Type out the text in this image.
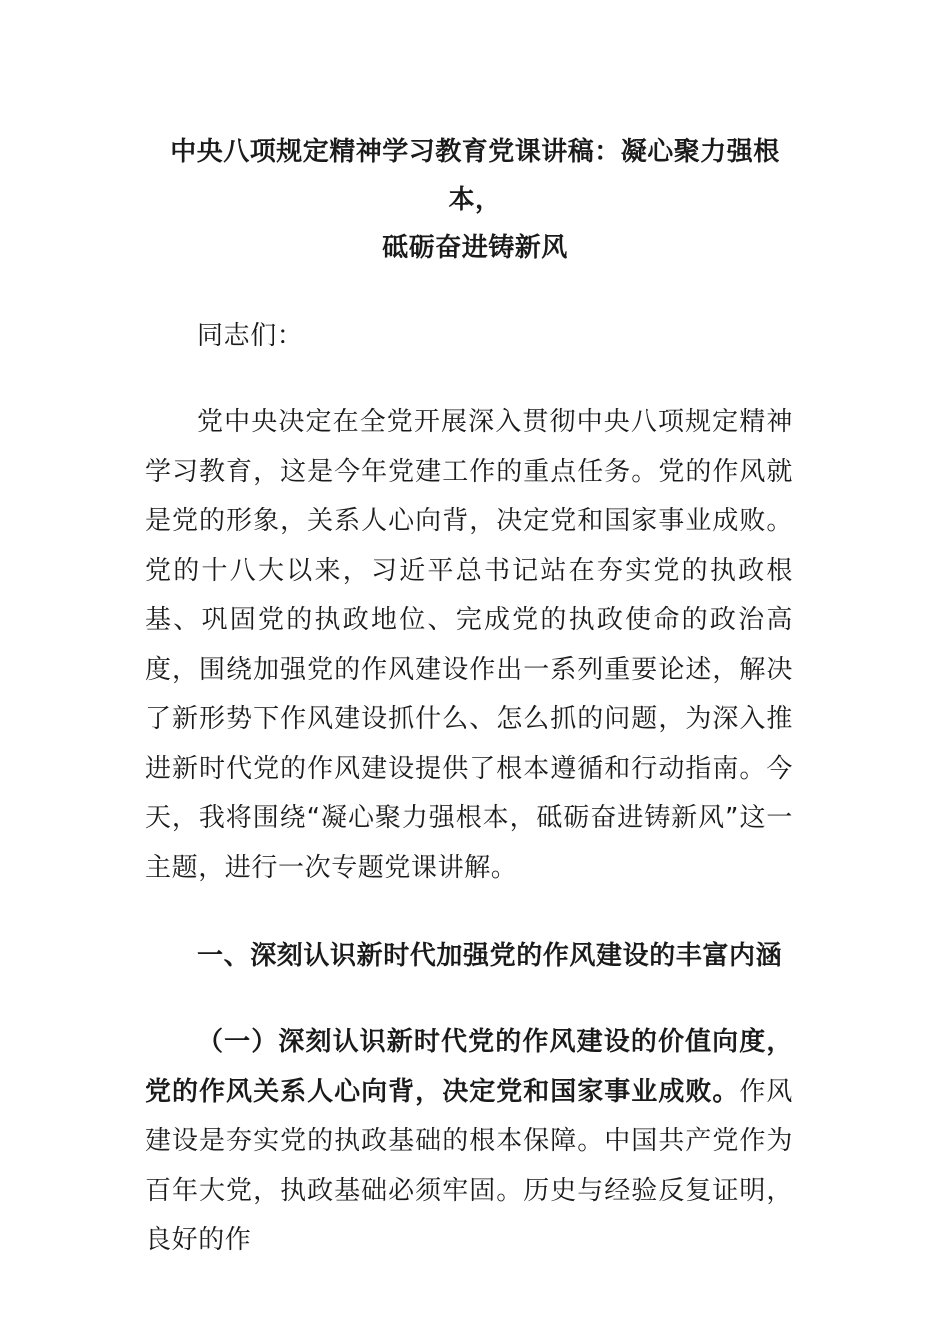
中央八项规定精神学习教育党课讲稿：凝心聚力强根本，
砥砺奋进铸新风

同志们：

党中央决定在全党开展深入贯彻中央八项规定精神学习教育，这是今年党建工作的重点任务。党的作风就是党的形象，关系人心向背，决定党和国家事业成败。党的十八大以来，习近平总书记站在夯实党的执政根基、巩固党的执政地位、完成党的执政使命的政治高度，围绕加强党的作风建设作出一系列重要论述，解决了新形势下作风建设抓什么、怎么抓的问题，为深入推进新时代党的作风建设提供了根本遵循和行动指南。今天，我将围绕“凝心聚力强根本，砥砺奋进铸新风”这一主题，进行一次专题党课讲解。

一、深刻认识新时代加强党的作风建设的丰富内涵

（一）深刻认识新时代党的作风建设的价值向度，党的作风关系人心向背，决定党和国家事业成败。作风建设是夯实党的执政基础的根本保障。中国共产党作为百年大党，执政基础必须牢固。历史与经验反复证明，良好的作
